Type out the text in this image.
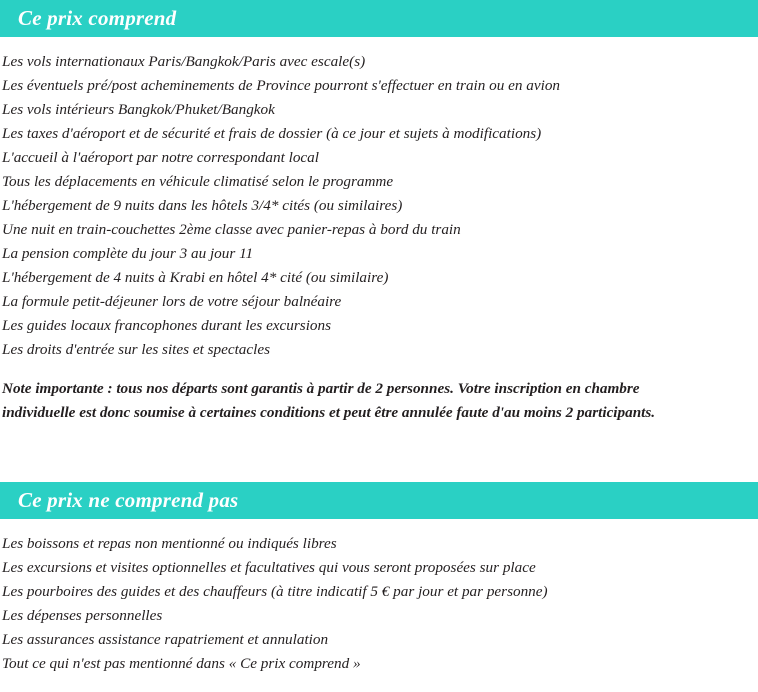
Ce prix comprend
Les vols internationaux Paris/Bangkok/Paris avec escale(s)
Les éventuels pré/post acheminements de Province pourront s'effectuer en train ou en avion
Les vols intérieurs Bangkok/Phuket/Bangkok
Les taxes d'aéroport et de sécurité et frais de dossier (à ce jour et sujets à modifications)
L'accueil à l'aéroport par notre correspondant local
Tous les déplacements en véhicule climatisé selon le programme
L'hébergement de 9 nuits dans les hôtels 3/4* cités (ou similaires)
Une nuit en train-couchettes 2ème classe avec panier-repas à bord du train
La pension complète du jour 3 au jour 11
L'hébergement de 4 nuits à Krabi en hôtel 4* cité (ou similaire)
La formule petit-déjeuner lors de votre séjour balnéaire
Les guides locaux francophones durant les excursions
Les droits d'entrée sur les sites et spectacles

Note importante : tous nos départs sont garantis à partir de 2 personnes. Votre inscription en chambre individuelle est donc soumise à certaines conditions et peut être annulée faute d'au moins 2 participants.

Ce prix ne comprend pas
Les boissons et repas non mentionné ou indiqués libres
Les excursions et visites optionnelles et facultatives qui vous seront proposées sur place
Les pourboires des guides et des chauffeurs (à titre indicatif 5 € par jour et par personne)
Les dépenses personnelles
Les assurances assistance rapatriement et annulation
Tout ce qui n'est pas mentionné dans « Ce prix comprend »
